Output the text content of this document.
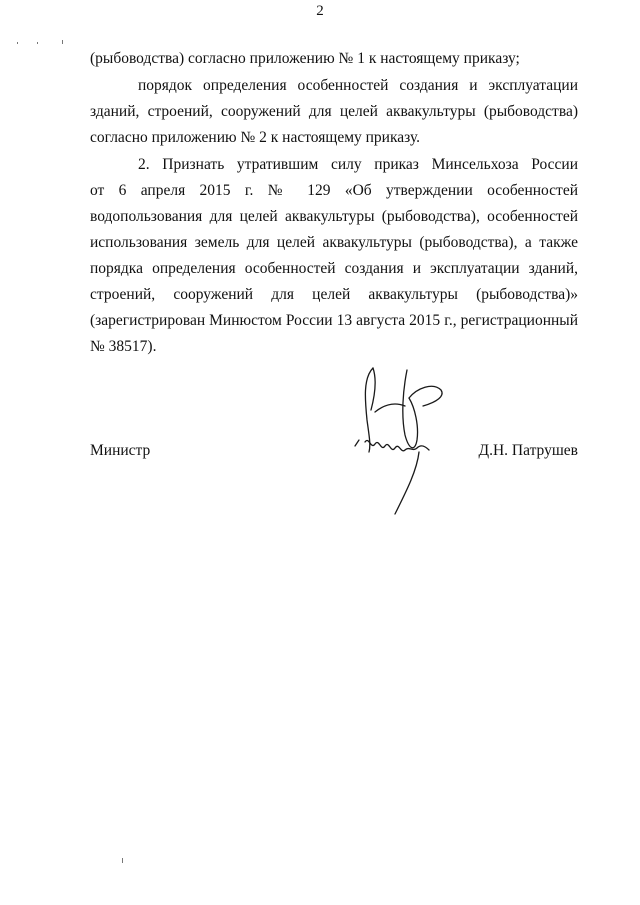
2
(рыбоводства) согласно приложению № 1 к настоящему приказу;
порядок определения особенностей создания и эксплуатации
зданий, строений, сооружений для целей аквакультуры (рыбоводства)
согласно приложению № 2 к настоящему приказу.
2. Признать утратившим силу приказ Минсельхоза России
от 6 апреля 2015 г. № 129 «Об утверждении особенностей
водопользования для целей аквакультуры (рыбоводства), особенностей
использования земель для целей аквакультуры (рыбоводства), а также
порядка определения особенностей создания и эксплуатации зданий,
строений, сооружений для целей аквакультуры (рыбоводства)»
(зарегистрирован Минюстом России 13 августа 2015 г., регистрационный
№ 38517).
Министр	Д.Н. Патрушев
